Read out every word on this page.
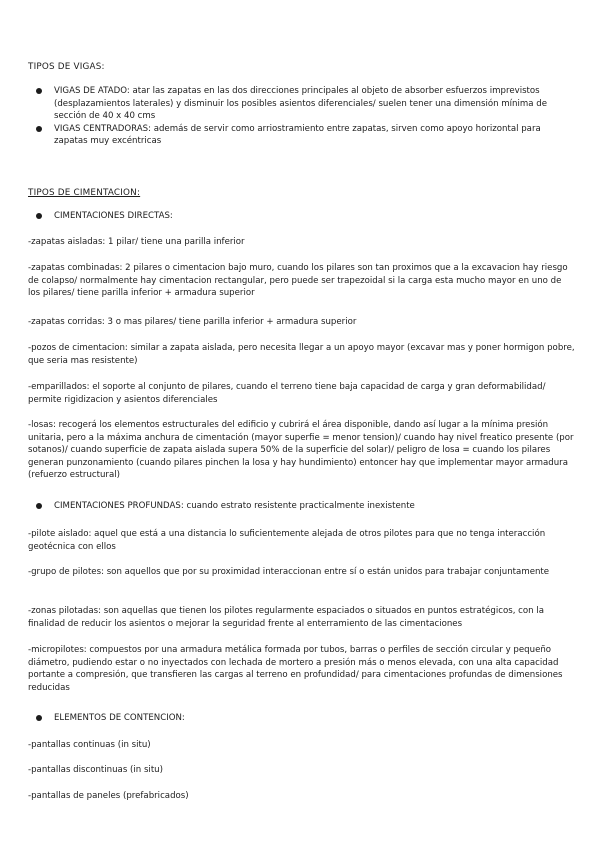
TIPOS DE VIGAS:
VIGAS DE ATADO: atar las zapatas en las dos direcciones principales al objeto de absorber esfuerzos imprevistos (desplazamientos laterales) y disminuir los posibles asientos diferenciales/ suelen tener una dimensión mínima de sección de 40 x 40 cms
VIGAS CENTRADORAS: además de servir como arriostramiento entre zapatas, sirven como apoyo horizontal para zapatas muy excéntricas
TIPOS DE CIMENTACION:

CIMENTACIONES DIRECTAS:

-zapatas aisladas: 1 pilar/ tiene una parilla inferior

-zapatas combinadas: 2 pilares o cimentacion bajo muro, cuando los pilares son tan proximos que a la excavacion hay riesgo de colapso/ normalmente hay cimentacion rectangular, pero puede ser trapezoidal si la carga esta mucho mayor en uno de los pilares/ tiene parilla inferior + armadura superior

-zapatas corridas: 3 o mas pilares/ tiene parilla inferior + armadura superior

-pozos de cimentacion: similar a zapata aislada, pero necesita llegar a un apoyo mayor (excavar mas y poner hormigon pobre, que seria mas resistente)

-emparillados: el soporte al conjunto de pilares, cuando el terreno tiene baja capacidad de carga y gran deformabilidad/ permite rigidizacion y asientos diferenciales

-losas: recogerá los elementos estructurales del edificio y cubrirá el área disponible, dando así lugar a la mínima presión unitaria, pero a la máxima anchura de cimentación (mayor superfie = menor tension)/ cuando hay nivel freatico presente (por sotanos)/ cuando superficie de zapata aislada supera 50% de la superficie del solar)/ peligro de losa = cuando los pilares generan punzonamiento (cuando pilares pinchen la losa y hay hundimiento) entoncer hay que implementar mayor armadura (refuerzo estructural)

CIMENTACIONES PROFUNDAS: cuando estrato resistente practicalmente inexistente

-pilote aislado: aquel que está a una distancia lo suficientemente alejada de otros pilotes para que no tenga interacción geotécnica con ellos

-grupo de pilotes: son aquellos que por su proximidad interaccionan entre sí o están unidos para trabajar conjuntamente

-zonas pilotadas: son aquellas que tienen los pilotes regularmente espaciados o situados en puntos estratégicos, con la finalidad de reducir los asientos o mejorar la seguridad frente al enterramiento de las cimentaciones

-micropilotes: compuestos por una armadura metálica formada por tubos, barras o perfiles de sección circular y pequeño diámetro, pudiendo estar o no inyectados con lechada de mortero a presión más o menos elevada, con una alta capacidad portante a compresión, que transfieren las cargas al terreno en profundidad/ para cimentaciones profundas de dimensiones reducidas

ELEMENTOS DE CONTENCION:

-pantallas continuas (in situ)

-pantallas discontinuas (in situ)

-pantallas de paneles (prefabricados)
